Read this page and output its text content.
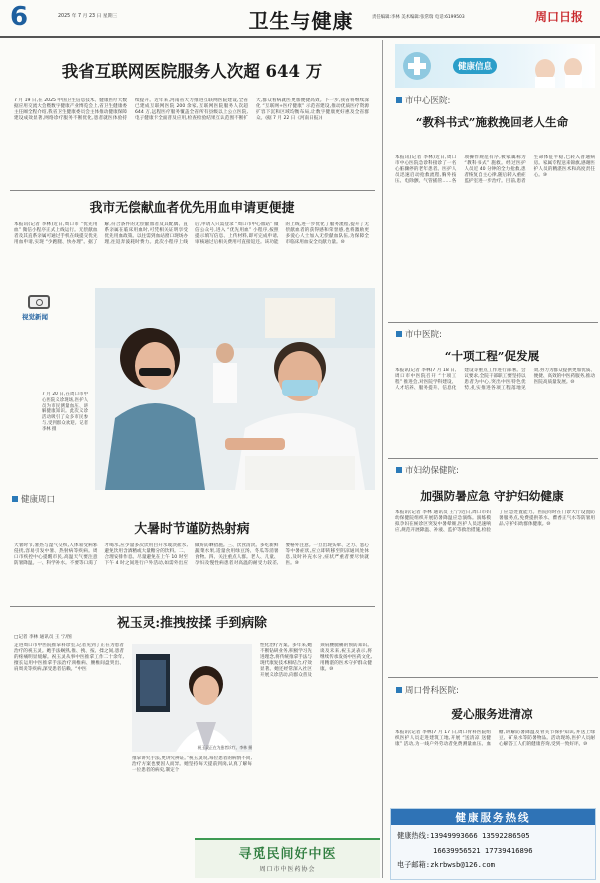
6	2025 年 7 月 23 日 星期三	卫生与健康	责任编辑:李林 美术编辑:张常瑞 电话:6199503	周口日报
我省互联网医院服务人次超 644 万
7 月 19 日,在 2025 中国卫生信息技术、健康医疗大数据应用交流大会暨数字健康产业博览会上,省卫生健康委主任阚全程介绍,我省卫生健康委员会主体推动健康保障建设成效显著,网络诊疗服务不断优化,患者就医体验持续提升。近年来,河南省大力推进互联网医院建设,全省已建成互联网医院 200 余家,互联网医院服务人次超 644 万,远程医疗服务覆盖全省所有县级以上公立医院,电子健康卡全面普及应用,检查检验结果互认范围不断扩大,群众看病就医更加便捷高效。下一步,我省将继续深化 “互联网+医疗健康” 示范省建设,推动优质医疗资源扩容下沉和区域均衡布局,让数字健康更好惠及全省群众。(据 7 月 22 日《河南日报》)
我市无偿献血者优先用血申请更便捷
本报讯(记者 李林)近日,周口市 “优先用血” 微信小程序正式上线运行。无偿献血者及其直系亲属可通过手机在线提交优先用血申请,实现 “少跑腿、快办理”。据了解,符合条件的无偿献血者及其配偶、直系亲属在临床用血时,可凭相关证明享受优先用血政策。以往需到血站窗口现场办理,往返奔波耗时费力。此次小程序上线后,申请人只需登录 “周口市中心血站” 微信公众号,进入 “优先用血” 小程序,按照提示填写信息、上传材料,即可完成申请,审核通过后相关费用可直接返还。该功能的上线,进一步优化了服务流程,提升了无偿献血者的获得感和荣誉感,也将激励更多爱心人士加入无偿献血队伍,为保障全市临床用血安全贡献力量。⑩
视觉新闻
7 月 20 日,在周口市中心医院义诊现场,医护人员为市民测量血压、讲解健康知识。此次义诊活动吸引了众多市民参与,受到群众欢迎。记者 李林 摄
健康周口
大暑时节谨防热射病
大暑时节,暑热与湿气交织,人体易受病邪侵扰,容易引发中暑、热射病等疾病。周口市疾控中心提醒市民,高温天气要注意防暑降温。一、科学补水。不要等口渴了才喝水,应少量多次饮用白开水或淡盐水,避免饮用含酒精或大量糖分的饮料。二、合理安排作息。尽量避免在上午 10 时至下午 4 时之间进行户外活动,如需外出应做好防晒措施。三、饮食清淡。多吃新鲜蔬菜水果,适量食用绿豆汤、冬瓜等消暑食物。四、关注重点人群。老人、儿童、孕妇及慢性病患者对高温的耐受力较差,要格外注意。一旦出现头晕、乏力、恶心等中暑症状,应立即转移至阴凉通风处休息,及时补充水分,症状严重者要尽快就医。⑩
祝玉灵:推拽按揉 手到病除
□记者 李林 通讯员 王 宁/图
走进周口市中医院推拿科诊室,记者见到了正在为患者治疗的祝玉灵。她手法娴熟,推、拽、按、揉之间,患者的疼痛明显缓解。祝玉灵从事中医推拿工作二十余年,擅长运用中医推拿手法治疗颈椎病、腰椎间盘突出、肩周炎等疾病,深受患者信赖。“中医
祝玉灵正在为患者诊疗。李林 摄
推拿讲究手法,更讲究辨证。”祝玉灵说,每位患者的病情不同,治疗方案也要因人而异。她坚持每天提前到岗,认真了解每一位患者的病史,制定个
性化治疗方案。多年来,她不断钻研业务,积极学习先进理念,将传统推拿手法与现代康复技术相结合,疗效显著。她还经常深入社区开展义诊活动,向群众普及颈肩腰腿痛的预防知识。谈及未来,祝玉灵表示,将继续传承发扬中医药文化,用精湛的医术守护群众健康。⑩
寻觅民间好中医
周口市中医药协会
健康信息
市中心医院:
“教科书式”施救挽回老人生命
本报讯(记者 李林)近日,周口市中心医院急诊科接诊了一名心脏骤停的老年患者。医护人员迅速启动抢救流程,胸外按压、电除颤、气管插管……各项操作规范有序,被家属称为 “教科书式” 施救。经过医护人员近 40 分钟的全力抢救,患者恢复自主心律,随后转入重症监护室进一步治疗。目前,患者生命体征平稳,已转入普通病房。家属专程送来锦旗,感谢医护人员的精湛医术和高度责任心。⑩
市中医院:
“十项工程”促发展
本报讯(记者 李林)7 月 18 日,周口市中医院召开 “十项工程” 推进会,对医院学科建设、人才培养、服务提升、信息化建设等重点工作进行部署。会议要求,全院干部职工要坚持以患者为中心,突出中医特色优势,扎实推进各项工程落地见效,努力为群众提供更加优质、便捷、高效的中医药服务,推动医院高质量发展。⑩
市妇幼保健院:
加强防暑应急 守护妇幼健康
本报讯(记者 李林 通讯员 王宁)近日,周口市妇幼保健院组织开展防暑降温应急演练。演练模拟孕妇在候诊区突发中暑晕厥,医护人员迅速响应,规范开展降温、补液、监护等救治措施,检验了应急处置能力。医院同时在门诊大厅设置防暑服务点,免费提供茶水、藿香正气水等防暑用品,守护妇幼群体健康。⑩
周口骨科医院:
爱心服务进清凉
本报讯(记者 李林)7 月 17 日,周口骨科医院组织医护人员走进建筑工地,开展 “送清凉 送健康” 活动,为一线户外劳动者免费测量血压、血糖,讲解防暑降温及骨关节保护知识,并送上绿豆、矿泉水等防暑物品。活动现场,医护人员耐心解答工人们的健康咨询,受到一致好评。⑩
健康服务热线
健康热线:13949993666 13592286505
16639956521 17739416896
电子邮箱:zkrbwsb@126.com
